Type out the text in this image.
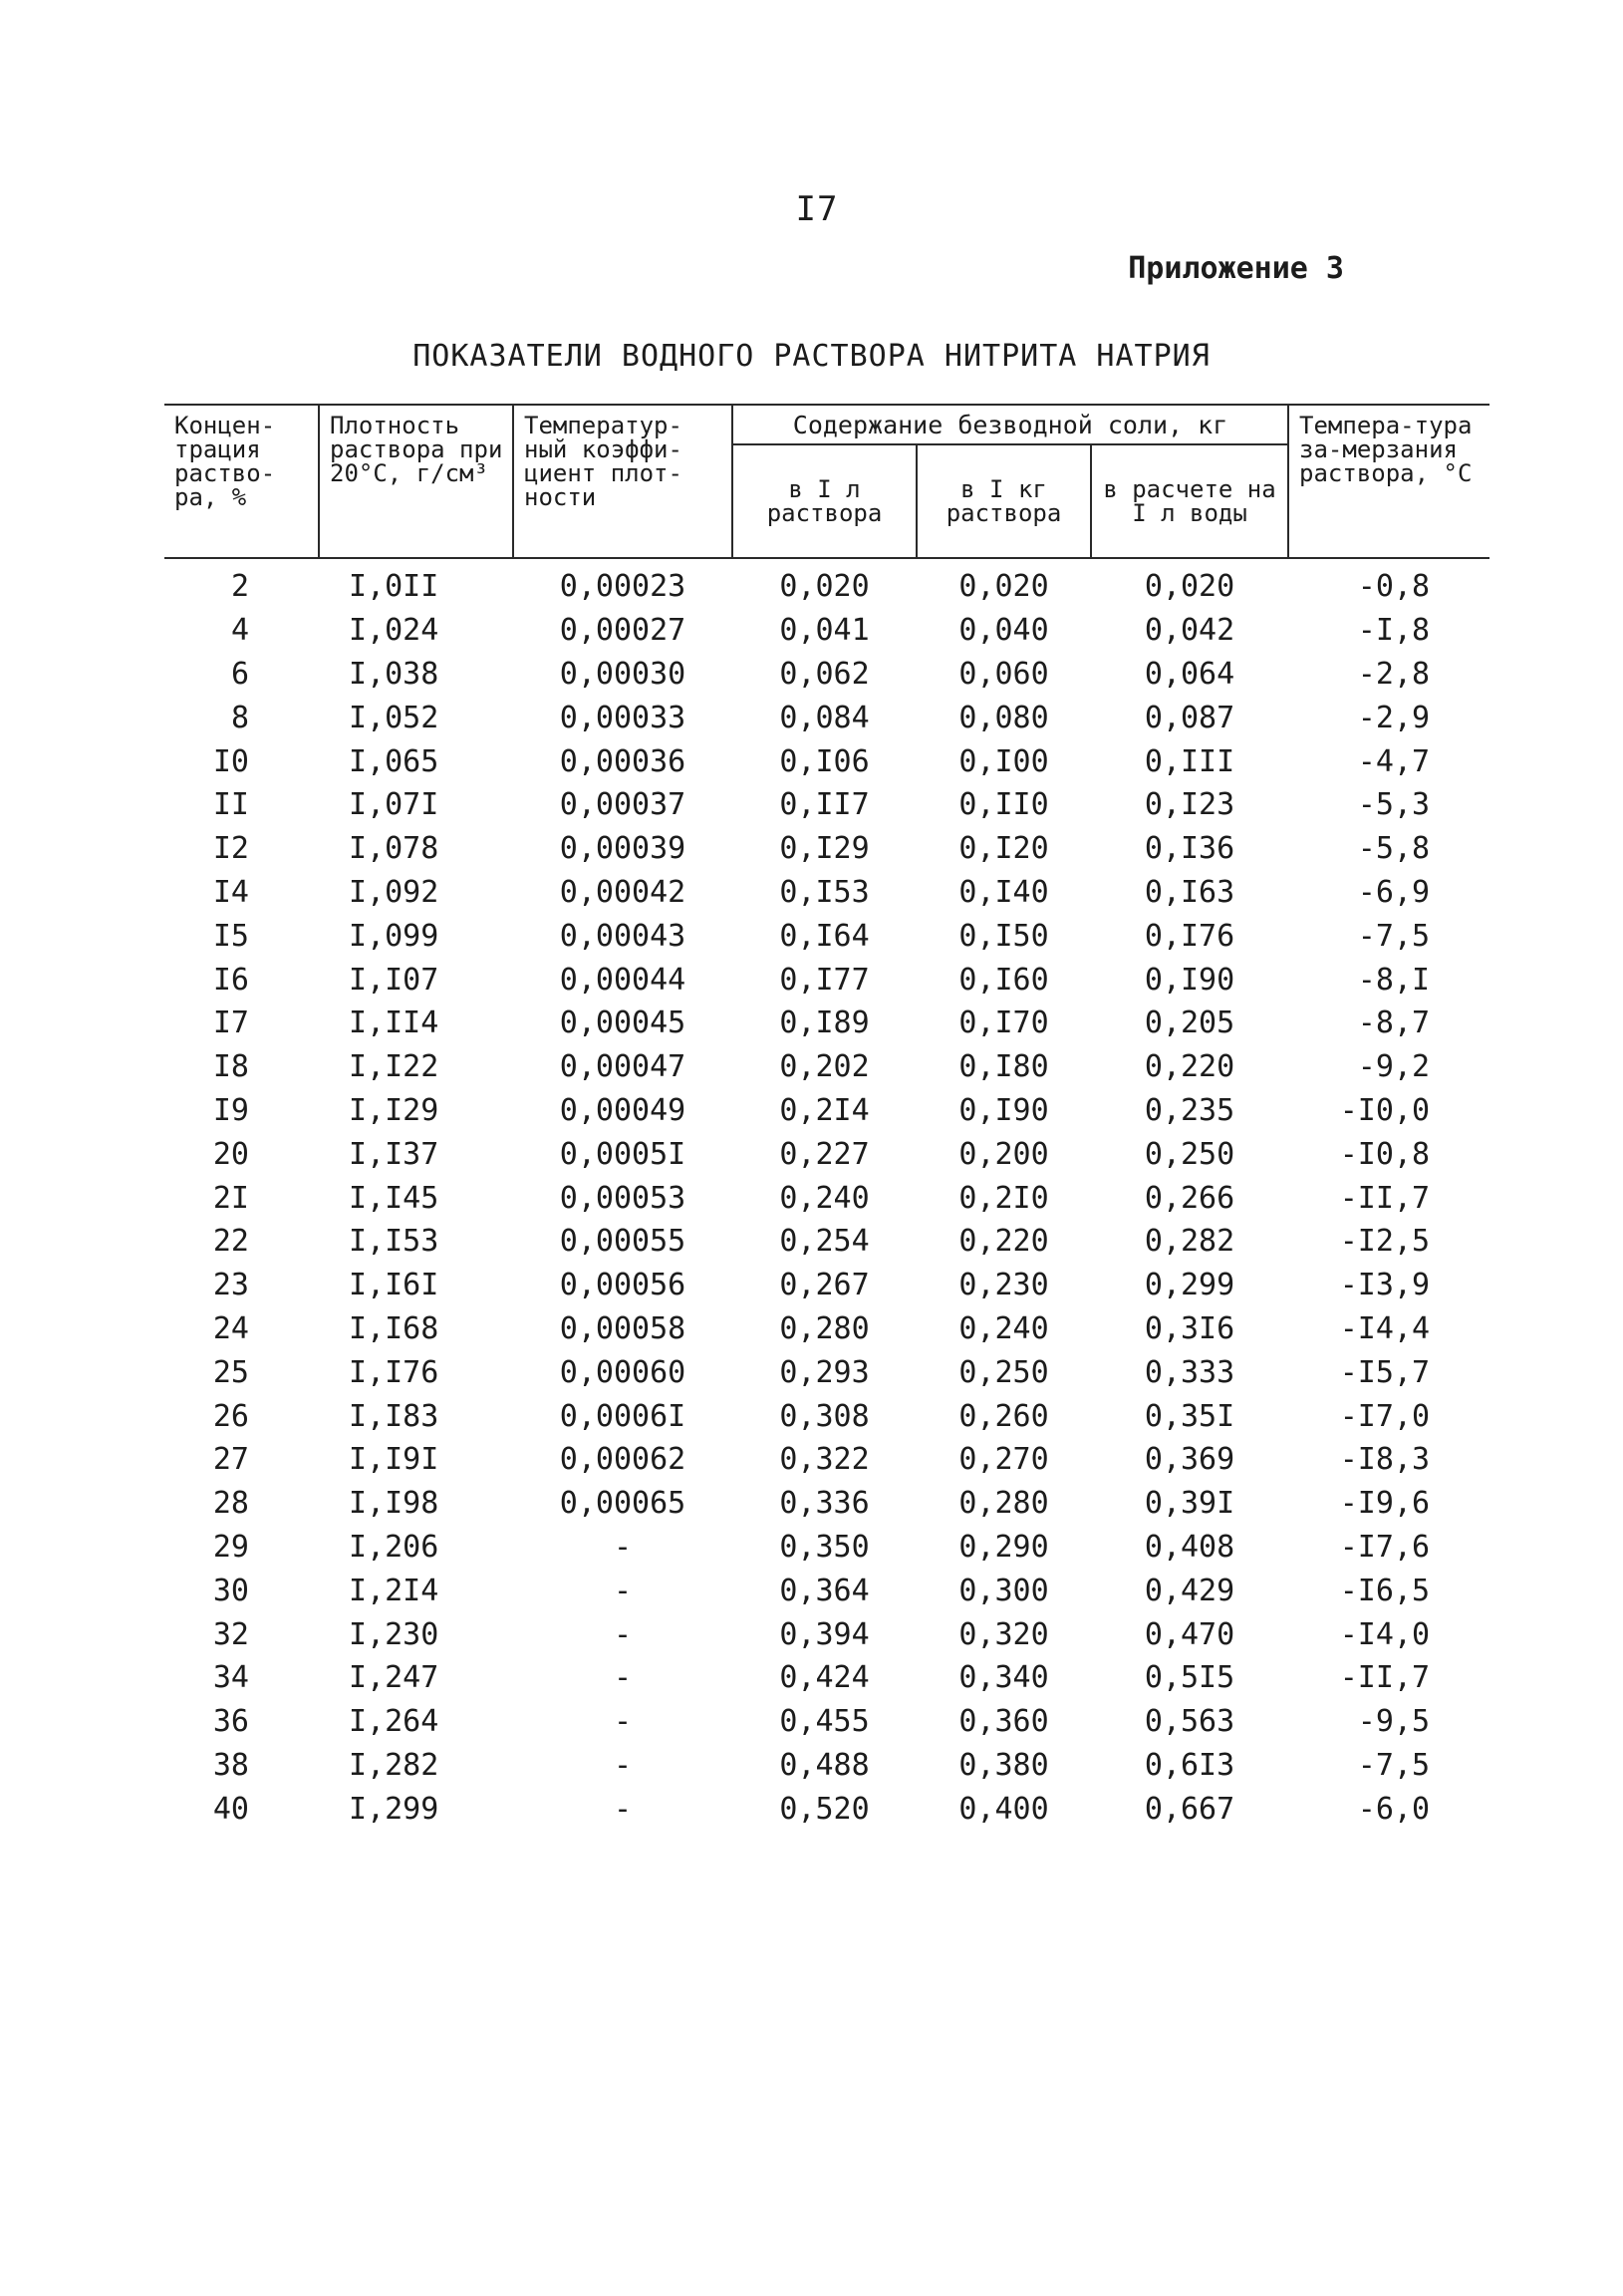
I7
Приложение 3
ПОКАЗАТЕЛИ ВОДНОГО РАСТВОРА НИТРИТА НАТРИЯ
Концен-трация раство-ра, %	Плотность раствора при 20°С, г/см³	Температур-ный коэффи-циент плот-ности	Содержание безводной соли, кг			Темпера-тура за-мерзания раствора, °С
			в I л раствора	в I кг раствора	в расчете на I л воды	
2	I,0II	0,00023	0,020	0,020	0,020	-0,8
4	I,024	0,00027	0,041	0,040	0,042	-I,8
6	I,038	0,00030	0,062	0,060	0,064	-2,8
8	I,052	0,00033	0,084	0,080	0,087	-2,9
I0	I,065	0,00036	0,I06	0,I00	0,III	-4,7
II	I,07I	0,00037	0,II7	0,II0	0,I23	-5,3
I2	I,078	0,00039	0,I29	0,I20	0,I36	-5,8
I4	I,092	0,00042	0,I53	0,I40	0,I63	-6,9
I5	I,099	0,00043	0,I64	0,I50	0,I76	-7,5
I6	I,I07	0,00044	0,I77	0,I60	0,I90	-8,I
I7	I,II4	0,00045	0,I89	0,I70	0,205	-8,7
I8	I,I22	0,00047	0,202	0,I80	0,220	-9,2
I9	I,I29	0,00049	0,2I4	0,I90	0,235	-I0,0
20	I,I37	0,0005I	0,227	0,200	0,250	-I0,8
2I	I,I45	0,00053	0,240	0,2I0	0,266	-II,7
22	I,I53	0,00055	0,254	0,220	0,282	-I2,5
23	I,I6I	0,00056	0,267	0,230	0,299	-I3,9
24	I,I68	0,00058	0,280	0,240	0,3I6	-I4,4
25	I,I76	0,00060	0,293	0,250	0,333	-I5,7
26	I,I83	0,0006I	0,308	0,260	0,35I	-I7,0
27	I,I9I	0,00062	0,322	0,270	0,369	-I8,3
28	I,I98	0,00065	0,336	0,280	0,39I	-I9,6
29	I,206	-	0,350	0,290	0,408	-I7,6
30	I,2I4	-	0,364	0,300	0,429	-I6,5
32	I,230	-	0,394	0,320	0,470	-I4,0
34	I,247	-	0,424	0,340	0,5I5	-II,7
36	I,264	-	0,455	0,360	0,563	-9,5
38	I,282	-	0,488	0,380	0,6I3	-7,5
40	I,299	-	0,520	0,400	0,667	-6,0
